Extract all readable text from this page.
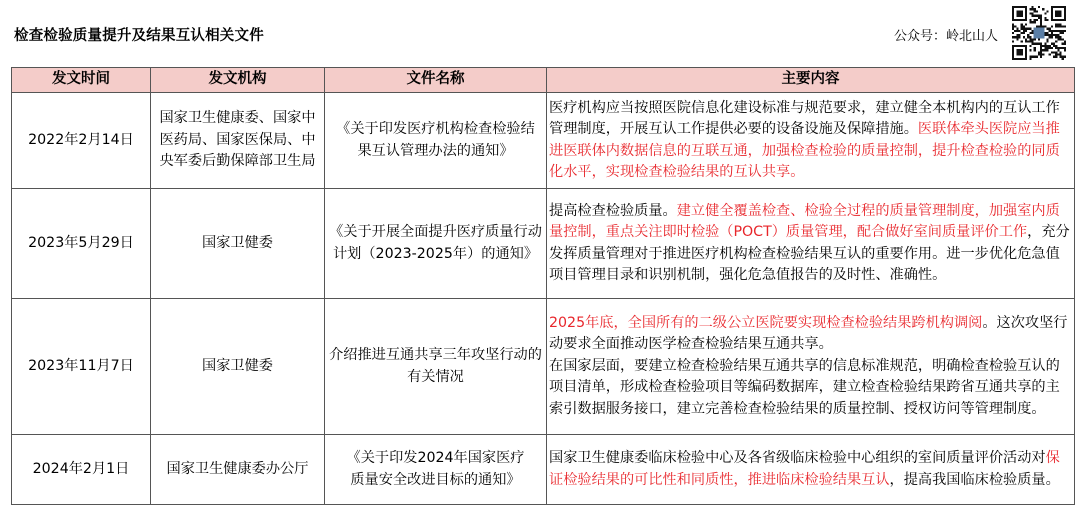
检查检验质量提升及结果互认相关文件	公众号：岭北山人
发文时间	发文机构	文件名称	主要内容
2022年2月14日	国家卫生健康委、国家中医药局、国家医保局、中央军委后勤保障部卫生局	《关于印发医疗机构检查检验结果互认管理办法的通知》	医疗机构应当按照医院信息化建设标准与规范要求，建立健全本机构内的互认工作管理制度，开展互认工作提供必要的设备设施及保障措施。医联体牵头医院应当推进医联体内数据信息的互联互通，加强检查检验的质量控制，提升检查检验的同质化水平，实现检查检验结果的互认共享。
2023年5月29日	国家卫健委	《关于开展全面提升医疗质量行动计划（2023-2025年）的通知》	提高检查检验质量。建立健全覆盖检查、检验全过程的质量管理制度，加强室内质量控制，重点关注即时检验（POCT）质量管理，配合做好室间质量评价工作，充分发挥质量管理对于推进医疗机构检查检验结果互认的重要作用。进一步优化危急值项目管理目录和识别机制，强化危急值报告的及时性、准确性。
2023年11月7日	国家卫健委	介绍推进互通共享三年攻坚行动的有关情况	2025年底，全国所有的二级公立医院要实现检查检验结果跨机构调阅。这次攻坚行动要求全面推动医学检查检验结果互通共享。
在国家层面，要建立检查检验结果互通共享的信息标准规范，明确检查检验互认的项目清单，形成检查检验项目等编码数据库，建立检查检验结果跨省互通共享的主索引数据服务接口，建立完善检查检验结果的质量控制、授权访问等管理制度。

2024年2月1日	国家卫生健康委办公厅	《关于印发2024年国家医疗质量安全改进目标的通知》	国家卫生健康委临床检验中心及各省级临床检验中心组织的室间质量评价活动对保证检验结果的可比性和同质性，推进临床检验结果互认，提高我国临床检验质量。
